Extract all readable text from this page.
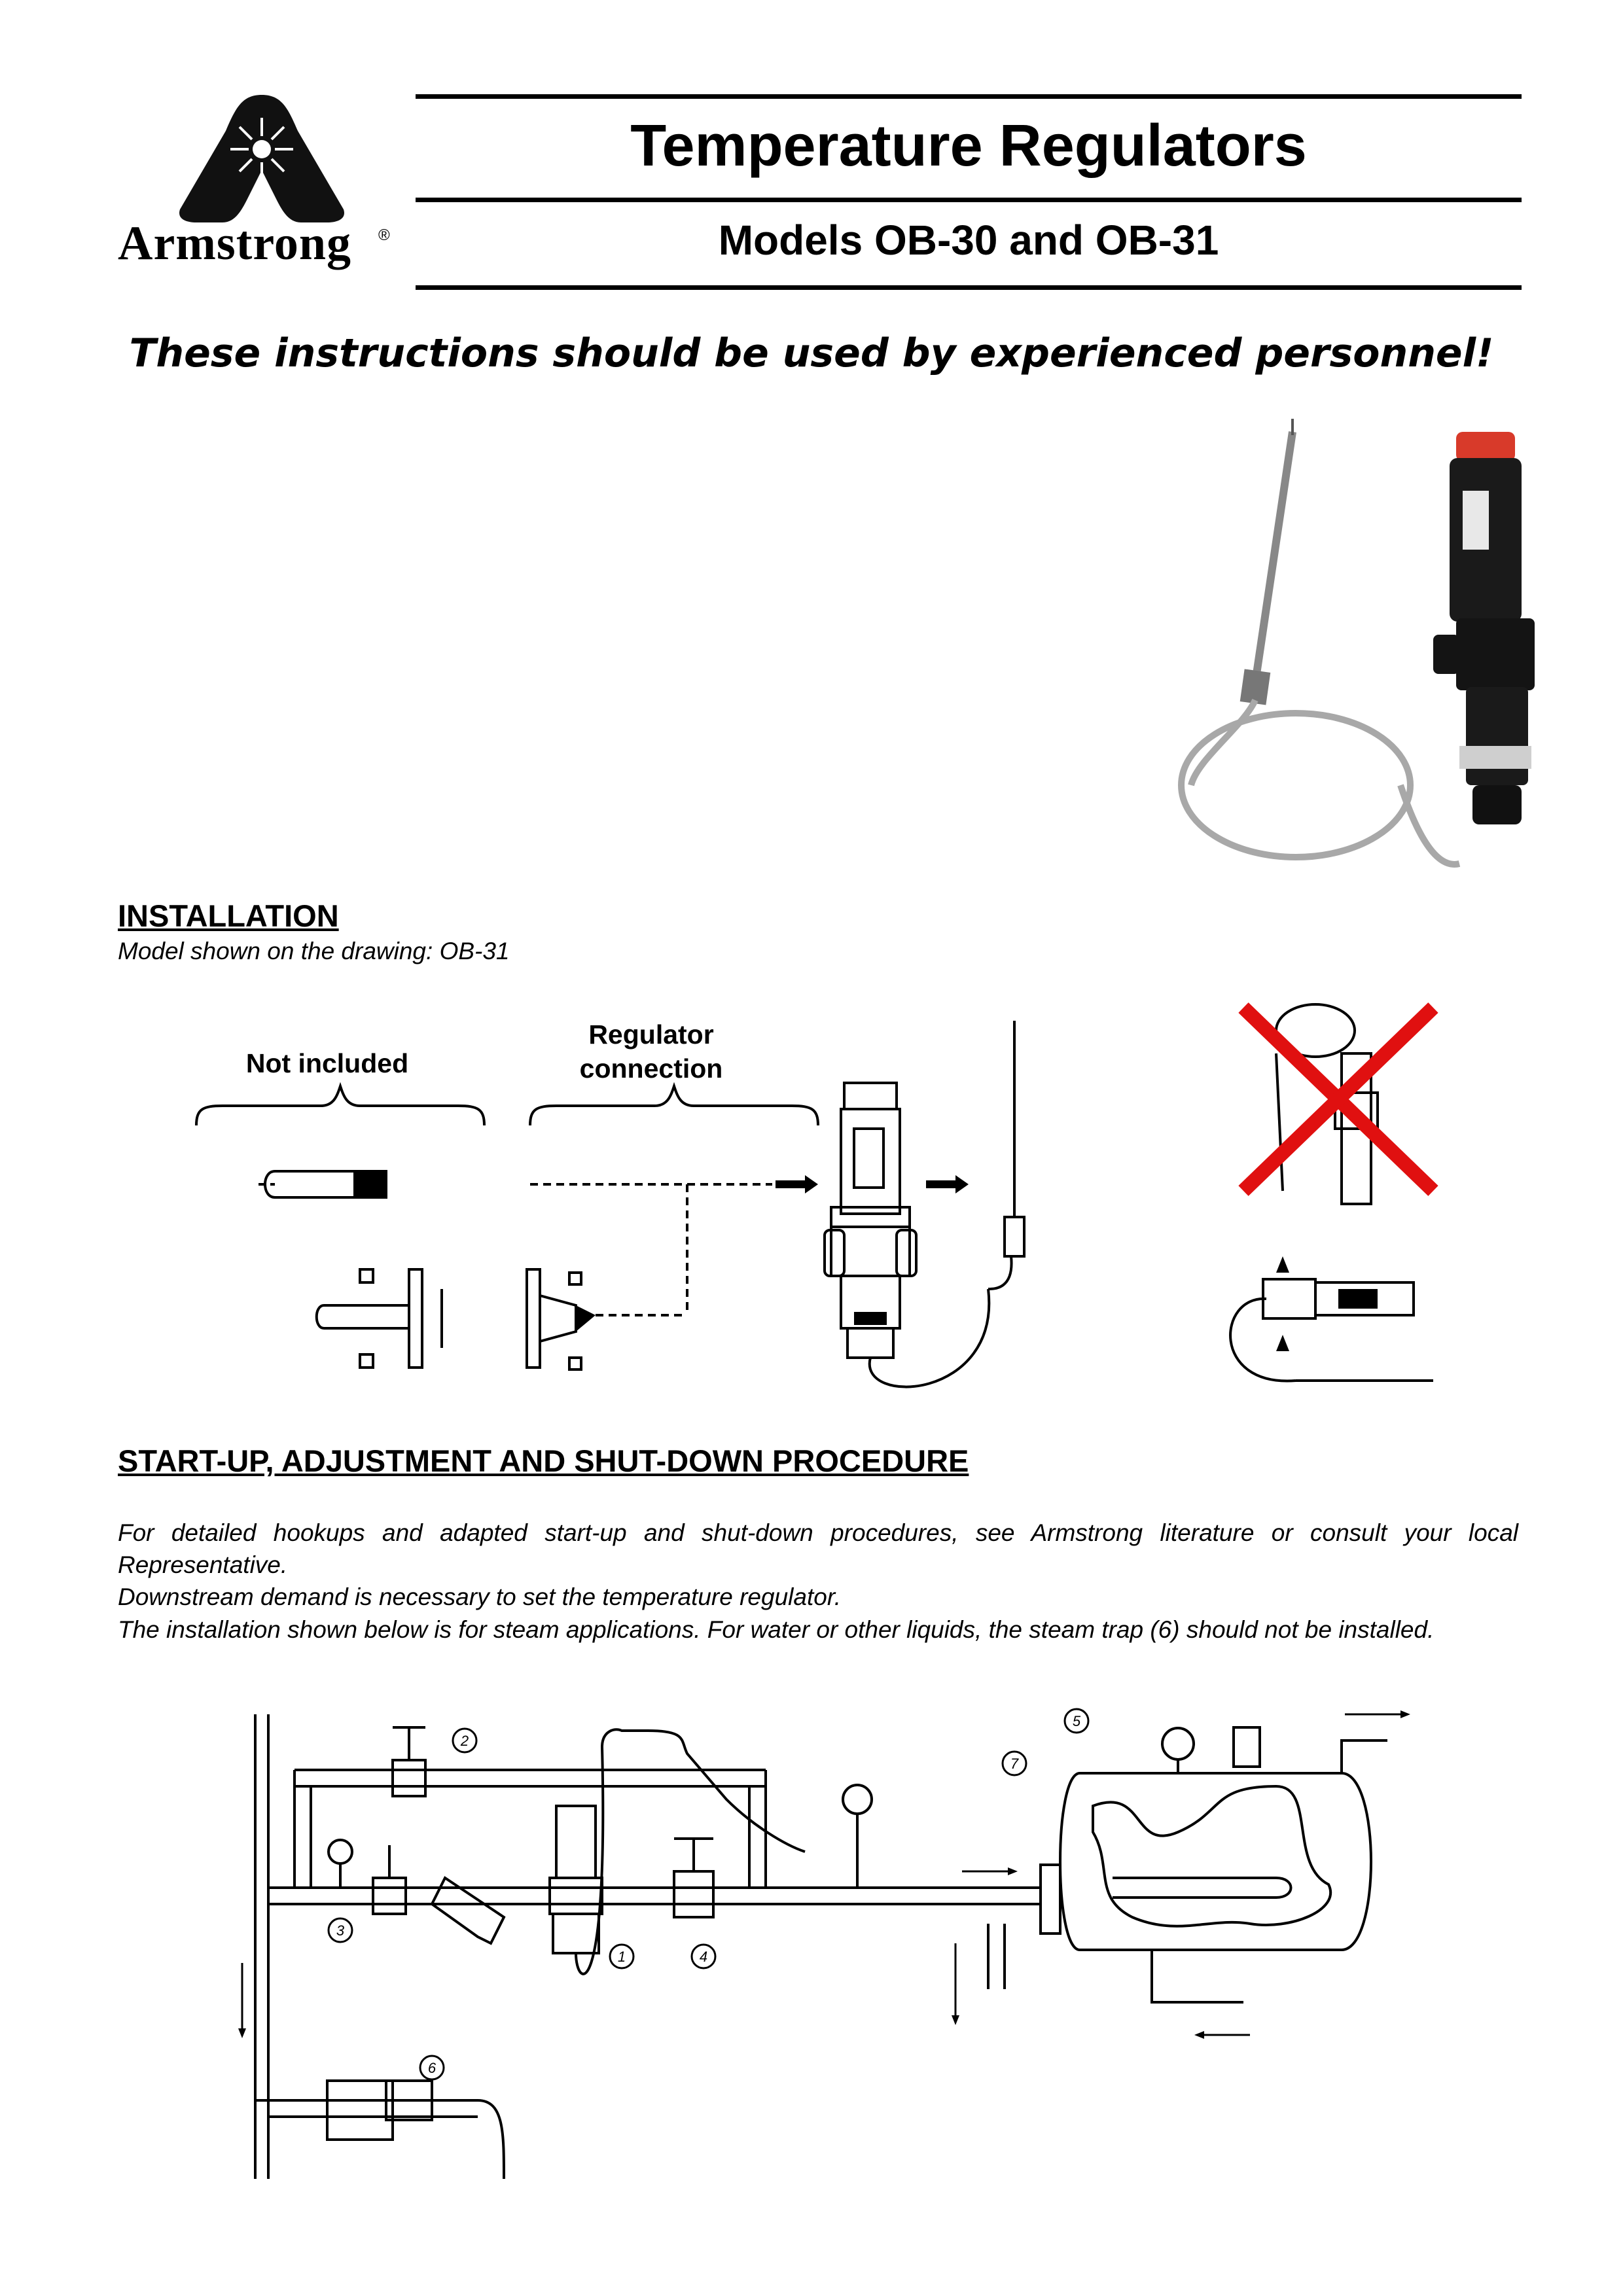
Armstrong ®
Temperature Regulators
Models OB-30 and OB-31
These instructions should be used by experienced personnel!
INSTALLATION
Model shown on the drawing: OB-31
Not included
Regulator
connection
START-UP, ADJUSTMENT AND SHUT-DOWN PROCEDURE
For detailed hookups and adapted start-up and shut-down procedures, see Armstrong literature or consult your local Representative.
Downstream demand is necessary to set the temperature regulator.
The installation shown below is for steam applications. For water or other liquids, the steam trap (6) should not be installed.
1
2
3
4
5
6
7
